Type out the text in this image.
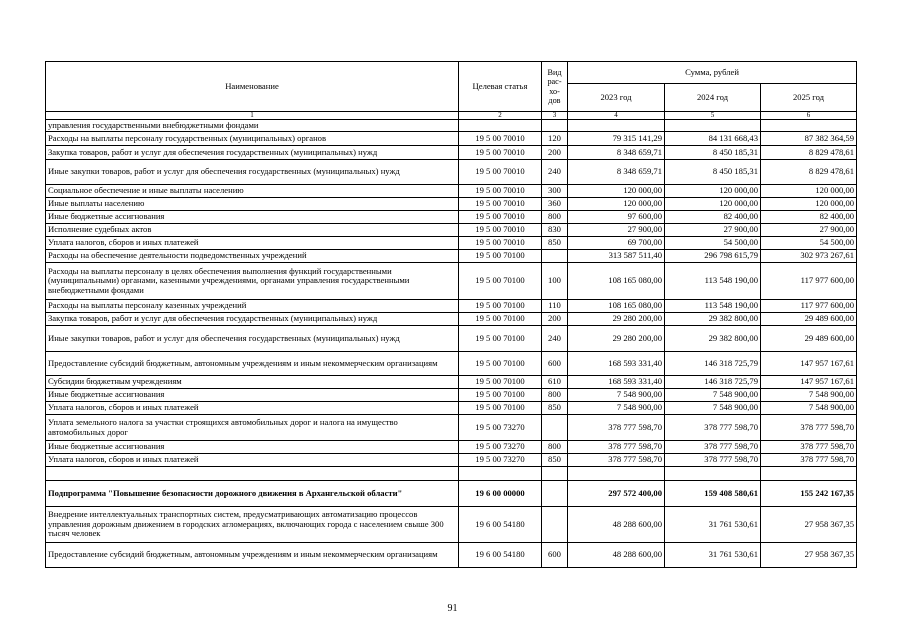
Наименование	Целевая статья	Вид
рас-
хо-
дов	Сумма, рублей		
			2023 год	2024 год	2025 год
1	2	3	4	5	6
управления государственными внебюджетными фондами					
Расходы на выплаты персоналу государственных (муниципальных) органов	19 5 00 70010	120	79 315 141,29	84 131 668,43	87 382 364,59
Закупка товаров, работ и услуг для обеспечения государственных (муниципальных) нужд	19 5 00 70010	200	8 348 659,71	8 450 185,31	8 829 478,61
Иные закупки товаров, работ и услуг для обеспечения государственных (муниципальных) нужд	19 5 00 70010	240	8 348 659,71	8 450 185,31	8 829 478,61
Социальное обеспечение и иные выплаты населению	19 5 00 70010	300	120 000,00	120 000,00	120 000,00
Иные выплаты населению	19 5 00 70010	360	120 000,00	120 000,00	120 000,00
Иные бюджетные ассигнования	19 5 00 70010	800	97 600,00	82 400,00	82 400,00
Исполнение судебных актов	19 5 00 70010	830	27 900,00	27 900,00	27 900,00
Уплата налогов, сборов и иных платежей	19 5 00 70010	850	69 700,00	54 500,00	54 500,00
Расходы на обеспечение деятельности подведомственных учреждений	19 5 00 70100		313 587 511,40	296 798 615,79	302 973 267,61
Расходы на выплаты персоналу в целях обеспечения выполнения функций государственными (муниципальными) органами, казенными учреждениями, органами управления государственными внебюджетными фондами	19 5 00 70100	100	108 165 080,00	113 548 190,00	117 977 600,00
Расходы на выплаты персоналу казенных учреждений	19 5 00 70100	110	108 165 080,00	113 548 190,00	117 977 600,00
Закупка товаров, работ и услуг для обеспечения государственных (муниципальных) нужд	19 5 00 70100	200	29 280 200,00	29 382 800,00	29 489 600,00
Иные закупки товаров, работ и услуг для обеспечения государственных (муниципальных) нужд	19 5 00 70100	240	29 280 200,00	29 382 800,00	29 489 600,00
Предоставление субсидий бюджетным, автономным учреждениям и иным некоммерческим организациям	19 5 00 70100	600	168 593 331,40	146 318 725,79	147 957 167,61
Субсидии бюджетным учреждениям	19 5 00 70100	610	168 593 331,40	146 318 725,79	147 957 167,61
Иные бюджетные ассигнования	19 5 00 70100	800	7 548 900,00	7 548 900,00	7 548 900,00
Уплата налогов, сборов и иных платежей	19 5 00 70100	850	7 548 900,00	7 548 900,00	7 548 900,00
Уплата земельного налога за участки строящихся автомобильных дорог и налога на имущество автомобильных дорог	19 5 00 73270		378 777 598,70	378 777 598,70	378 777 598,70
Иные бюджетные ассигнования	19 5 00 73270	800	378 777 598,70	378 777 598,70	378 777 598,70
Уплата налогов, сборов и иных платежей	19 5 00 73270	850	378 777 598,70	378 777 598,70	378 777 598,70

Подпрограмма "Повышение безопасности дорожного движения в Архангельской области"	19 6 00 00000		297 572 400,00	159 408 580,61	155 242 167,35
Внедрение интеллектуальных транспортных систем, предусматривающих автоматизацию процессов управления дорожным движением в городских агломерациях, включающих города с населением свыше 300 тысяч человек	19 6 00 54180		48 288 600,00	31 761 530,61	27 958 367,35
Предоставление субсидий бюджетным, автономным учреждениям и иным некоммерческим организациям	19 6 00 54180	600	48 288 600,00	31 761 530,61	27 958 367,35
91
